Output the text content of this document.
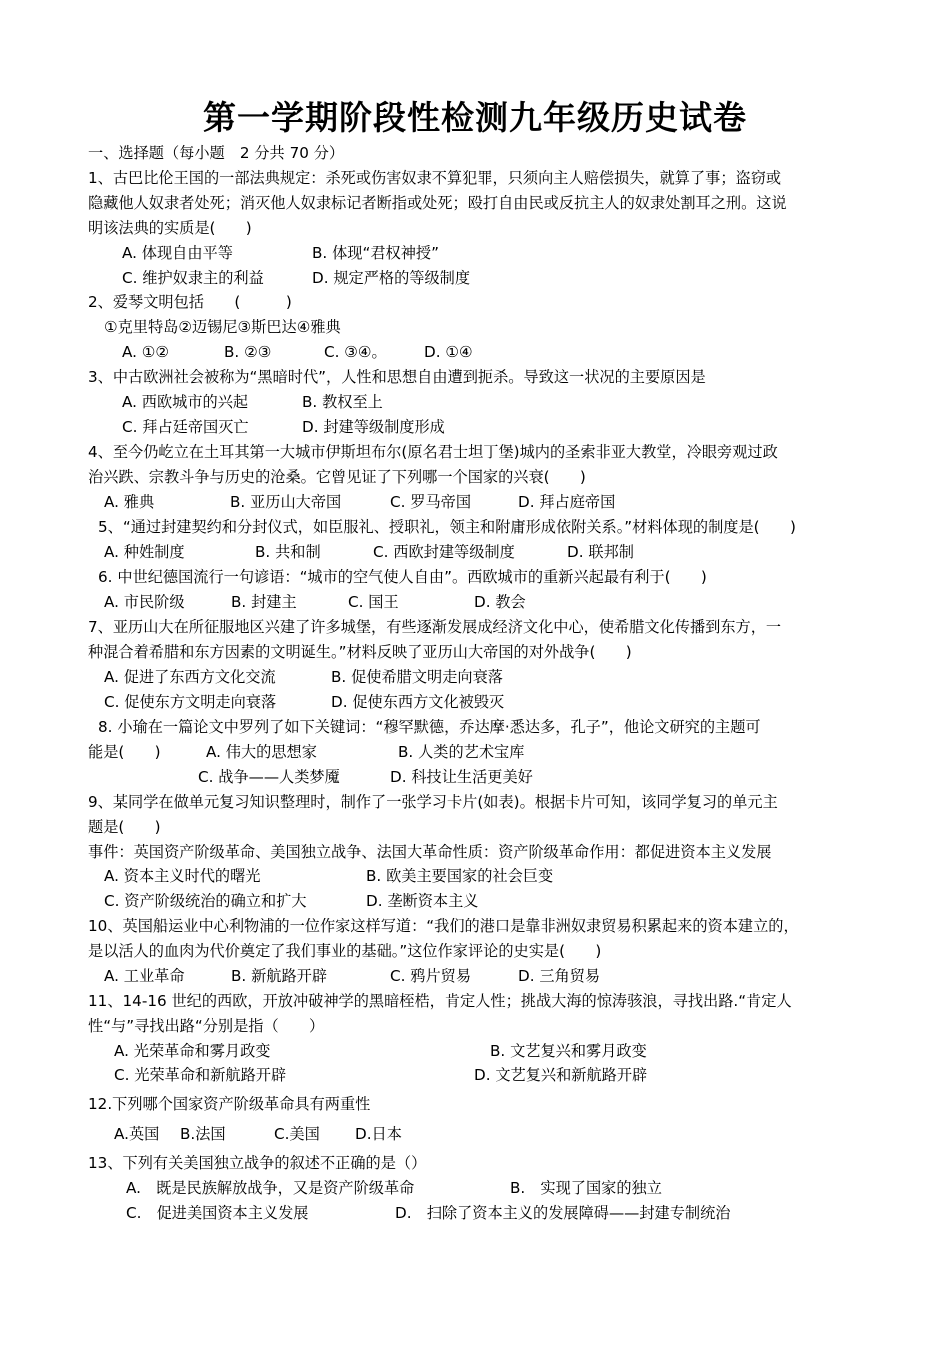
第一学期阶段性检测九年级历史试卷
一、选择题（每小题　2 分共 70 分）
1、古巴比伦王国的一部法典规定：杀死或伤害奴隶不算犯罪，只须向主人赔偿损失，就算了事；盗窃或
隐藏他人奴隶者处死；消灭他人奴隶标记者断指或处死；殴打自由民或反抗主人的奴隶处割耳之刑。这说
明该法典的实质是(　　)
A. 体现自由平等	B. 体现“君权神授”
C. 维护奴隶主的利益	D. 规定严格的等级制度
2、爱琴文明包括　　(　　　)
①克里特岛②迈锡尼③斯巴达④雅典
A. ①②	B. ②③	C. ③④。 D. ①④
3、中古欧洲社会被称为“黑暗时代”，人性和思想自由遭到扼杀。导致这一状况的主要原因是
A. 西欧城市的兴起	B. 教权至上
C. 拜占廷帝国灭亡	D. 封建等级制度形成
4、至今仍屹立在土耳其第一大城市伊斯坦布尔(原名君士坦丁堡)城内的圣索非亚大教堂，冷眼旁观过政
治兴跌、宗教斗争与历史的沧桑。它曾见证了下列哪一个国家的兴衰(　　)
A. 雅典	B. 亚历山大帝国	C. 罗马帝国	D. 拜占庭帝国
5、“通过封建契约和分封仪式，如臣服礼、授职礼，领主和附庸形成依附关系。”材料体现的制度是(　　)
A. 种姓制度	B. 共和制	C. 西欧封建等级制度	D. 联邦制
6. 中世纪德国流行一句谚语：“城市的空气使人自由”。西欧城市的重新兴起最有利于(　　)
A. 市民阶级	B. 封建主	C. 国王	D. 教会
7、亚历山大在所征服地区兴建了许多城堡，有些逐渐发展成经济文化中心，使希腊文化传播到东方，一
种混合着希腊和东方因素的文明诞生。”材料反映了亚历山大帝国的对外战争(　　)
A. 促进了东西方文化交流	B. 促使希腊文明走向衰落
C. 促使东方文明走向衰落	D. 促使东西方文化被毁灭
8. 小瑜在一篇论文中罗列了如下关键词：“穆罕默德，乔达摩·悉达多，孔子”，他论文研究的主题可
能是(　　)	A. 伟大的思想家	B. 人类的艺术宝库
C. 战争——人类梦魇	D. 科技让生活更美好
9、某同学在做单元复习知识整理时，制作了一张学习卡片(如表)。根据卡片可知，该同学复习的单元主
题是(　　)
事件：英国资产阶级革命、美国独立战争、法国大革命性质：资产阶级革命作用：都促进资本主义发展
A. 资本主义时代的曙光	B. 欧美主要国家的社会巨变
C. 资产阶级统治的确立和扩大	D. 垄断资本主义
10、英国船运业中心利物浦的一位作家这样写道：“我们的港口是靠非洲奴隶贸易积累起来的资本建立的，
是以活人的血肉为代价奠定了我们事业的基础。”这位作家评论的史实是(　　)
A. 工业革命	B. 新航路开辟	C. 鸦片贸易	D. 三角贸易
11、14-16 世纪的西欧，开放冲破神学的黑暗桎梏，肯定人性；挑战大海的惊涛骇浪，寻找出路.“肯定人
性“与”寻找出路“分别是指（　　）
A. 光荣革命和雾月政变	B. 文艺复兴和雾月政变
C. 光荣革命和新航路开辟	D. 文艺复兴和新航路开辟
12.下列哪个国家资产阶级革命具有两重性
A.英国 B.法国	C.美国 D.日本
13、下列有关美国独立战争的叙述不正确的是（）
A.　既是民族解放战争，又是资产阶级革命	B.　实现了国家的独立
C.　促进美国资本主义发展	D.　扫除了资本主义的发展障碍——封建专制统治
